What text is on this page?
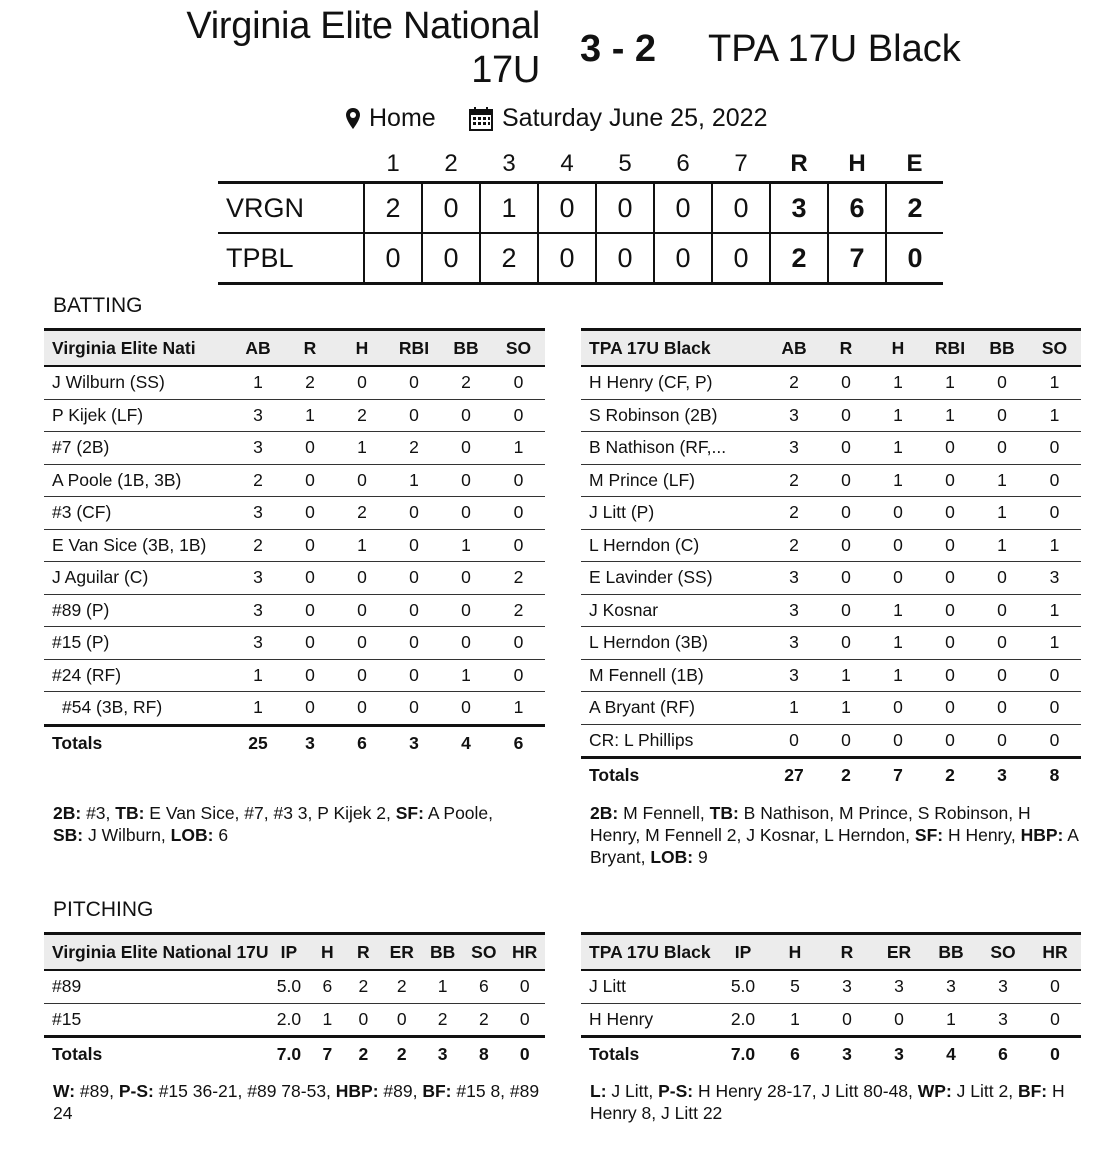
Virginia Elite National 17U 3 - 2 TPA 17U Black
Home	Saturday June 25, 2022
	1	2	3	4	5	6	7	R	H	E
VRGN	2	0	1	0	0	0	0	3	6	2
TPBL	0	0	2	0	0	0	0	2	7	0
BATTING
Virginia Elite Nati	AB	R	H	RBI	BB	SO
J Wilburn (SS)	1	2	0	0	2	0
P Kijek (LF)	3	1	2	0	0	0
#7 (2B)	3	0	1	2	0	1
A Poole (1B, 3B)	2	0	0	1	0	0
#3 (CF)	3	0	2	0	0	0
E Van Sice (3B, 1B)	2	0	1	0	1	0
J Aguilar (C)	3	0	0	0	0	2
#89 (P)	3	0	0	0	0	2
#15 (P)	3	0	0	0	0	0
#24 (RF)	1	0	0	0	1	0
#54 (3B, RF)	1	0	0	0	0	1
Totals	25	3	6	3	4	6
TPA 17U Black	AB	R	H	RBI	BB	SO
H Henry (CF, P)	2	0	1	1	0	1
S Robinson (2B)	3	0	1	1	0	1
B Nathison (RF,...	3	0	1	0	0	0
M Prince (LF)	2	0	1	0	1	0
J Litt (P)	2	0	0	0	1	0
L Herndon (C)	2	0	0	0	1	1
E Lavinder (SS)	3	0	0	0	0	3
J Kosnar	3	0	1	0	0	1
L Herndon (3B)	3	0	1	0	0	1
M Fennell (1B)	3	1	1	0	0	0
A Bryant (RF)	1	1	0	0	0	0
CR: L Phillips	0	0	0	0	0	0
Totals	27	2	7	2	3	8
2B: #3, TB: E Van Sice, #7, #3 3, P Kijek 2, SF: A Poole, SB: J Wilburn, LOB: 6
2B: M Fennell, TB: B Nathison, M Prince, S Robinson, H Henry, M Fennell 2, J Kosnar, L Herndon, SF: H Henry, HBP: A Bryant, LOB: 9
PITCHING
Virginia Elite National 17U	IP	H	R	ER	BB	SO	HR
#89	5.0	6	2	2	1	6	0
#15	2.0	1	0	0	2	2	0
Totals	7.0	7	2	2	3	8	0
TPA 17U Black	IP	H	R	ER	BB	SO	HR
J Litt	5.0	5	3	3	3	3	0
H Henry	2.0	1	0	0	1	3	0
Totals	7.0	6	3	3	4	6	0
W: #89, P-S: #15 36-21, #89 78-53, HBP: #89, BF: #15 8, #89 24
L: J Litt, P-S: H Henry 28-17, J Litt 80-48, WP: J Litt 2, BF: H Henry 8, J Litt 22
